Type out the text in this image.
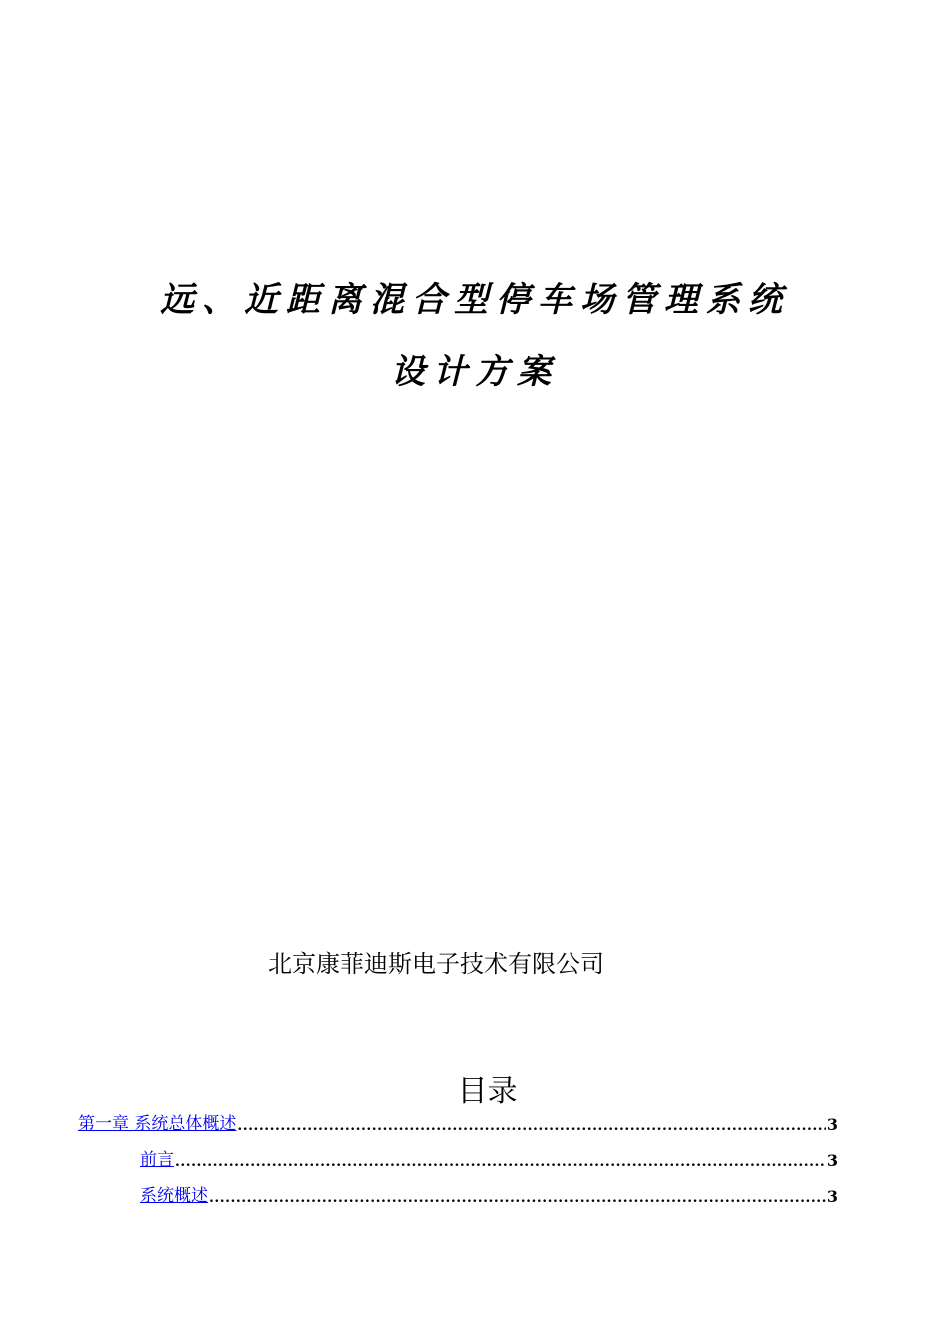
远、近距离混合型停车场管理系统
设计方案
北京康菲迪斯电子技术有限公司
目录
第一章 系统总体概述 .....	3
前言 .....	3
系统概述 .....	3
